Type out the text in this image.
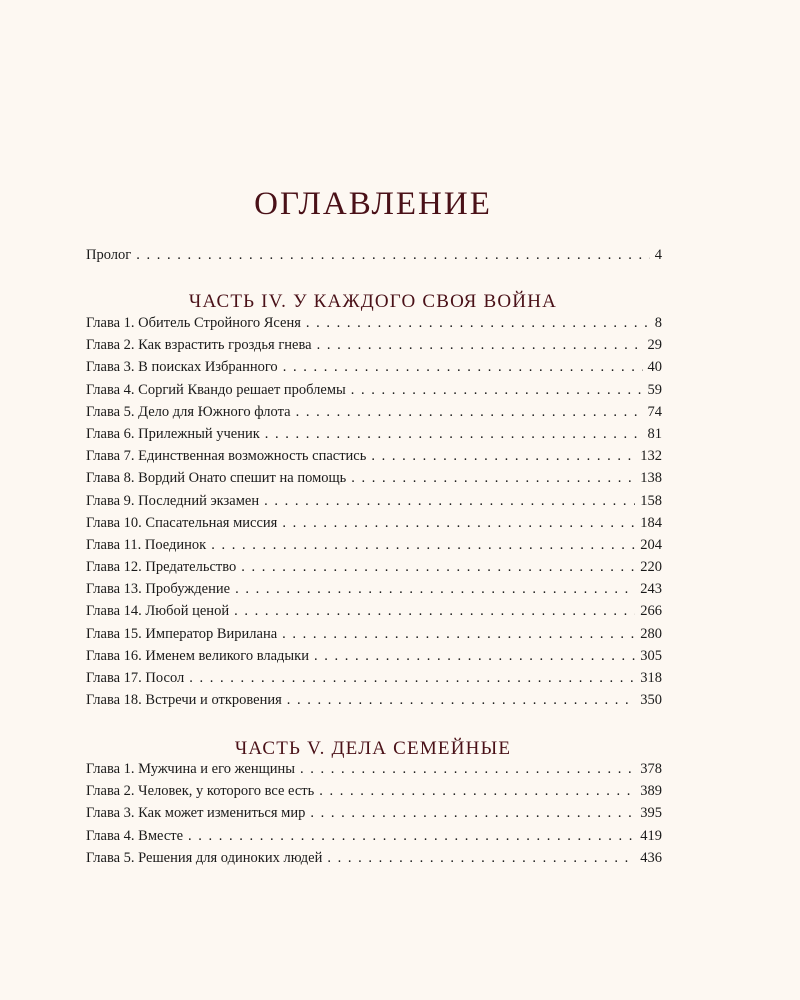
ОГЛАВЛЕНИЕ
Пролог . . .	4
ЧАСТЬ IV. У КАЖДОГО СВОЯ ВОЙНА
Глава 1. Обитель Стройного Ясеня . . .	8
Глава 2. Как взрастить гроздья гнева . . .	29
Глава 3. В поисках Избранного . . .	40
Глава 4. Соргий Квандо решает проблемы . . .	59
Глава 5. Дело для Южного флота . . .	74
Глава 6. Прилежный ученик . . .	81
Глава 7. Единственная возможность спастись . . .	132
Глава 8. Вордий Онато спешит на помощь . . .	138
Глава 9. Последний экзамен . . .	158
Глава 10. Спасательная миссия . . .	184
Глава 11. Поединок . . .	204
Глава 12. Предательство . . .	220
Глава 13. Пробуждение . . .	243
Глава 14. Любой ценой . . .	266
Глава 15. Император Вирилана . . .	280
Глава 16. Именем великого владыки . . .	305
Глава 17. Посол . . .	318
Глава 18. Встречи и откровения . . .	350
ЧАСТЬ V. ДЕЛА СЕМЕЙНЫЕ
Глава 1. Мужчина и его женщины . . .	378
Глава 2. Человек, у которого все есть . . .	389
Глава 3. Как может измениться мир . . .	395
Глава 4. Вместе . . .	419
Глава 5. Решения для одиноких людей . . .	436
